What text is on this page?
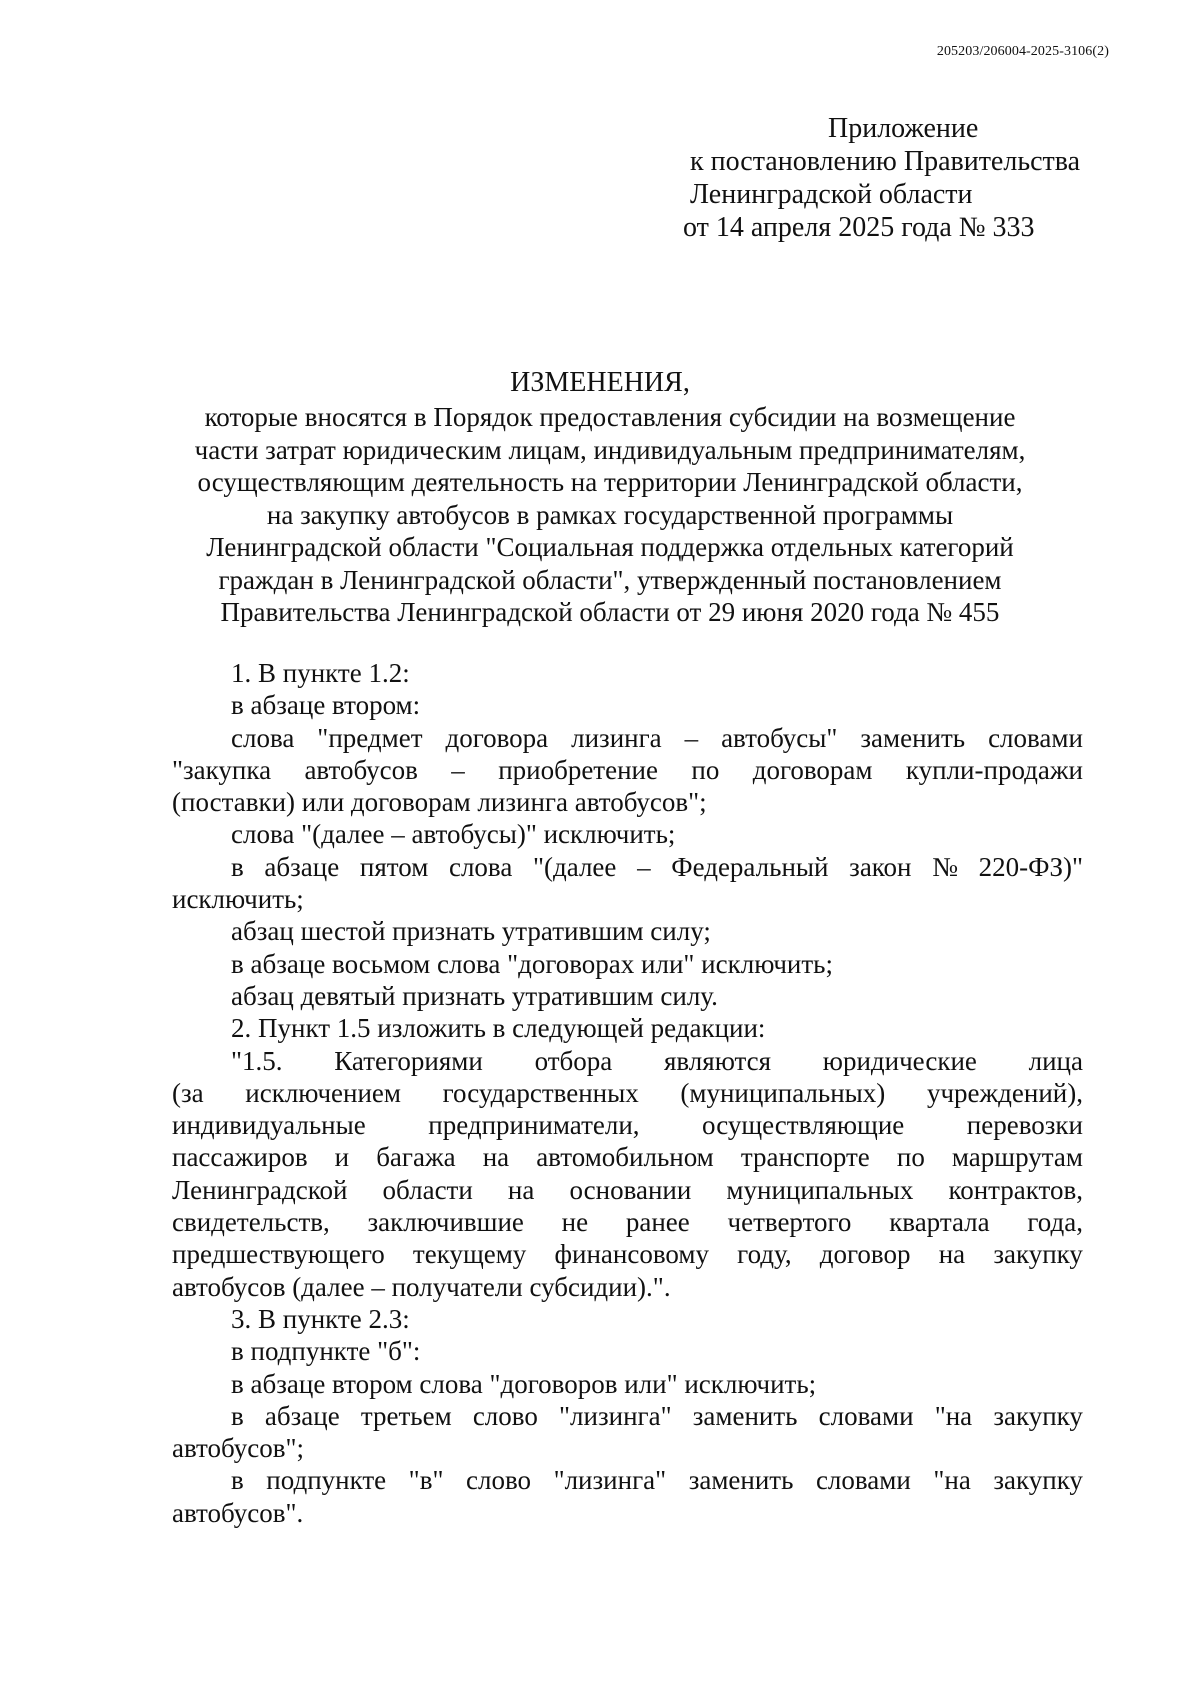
205203/206004-2025-3106(2)
Приложение
к постановлению Правительства
Ленинградской области
от 14 апреля 2025 года № 333
ИЗМЕНЕНИЯ,
которые вносятся в Порядок предоставления субсидии на возмещение
части затрат юридическим лицам, индивидуальным предпринимателям,
осуществляющим деятельность на территории Ленинградской области,
на закупку автобусов в рамках государственной программы
Ленинградской области "Социальная поддержка отдельных категорий
граждан в Ленинградской области", утвержденный постановлением
Правительства Ленинградской области от 29 июня 2020 года № 455
1. В пункте 1.2:
в абзаце втором:
слова "предмет договора лизинга – автобусы" заменить словами
"закупка автобусов – приобретение по договорам купли-продажи
(поставки) или договорам лизинга автобусов";
слова "(далее – автобусы)" исключить;
в абзаце пятом слова "(далее – Федеральный закон № 220-ФЗ)"
исключить;
абзац шестой признать утратившим силу;
в абзаце восьмом слова "договорах или" исключить;
абзац девятый признать утратившим силу.
2. Пункт 1.5 изложить в следующей редакции:
"1.5. Категориями отбора являются юридические лица
(за исключением государственных (муниципальных) учреждений),
индивидуальные предприниматели, осуществляющие перевозки
пассажиров и багажа на автомобильном транспорте по маршрутам
Ленинградской области на основании муниципальных контрактов,
свидетельств, заключившие не ранее четвертого квартала года,
предшествующего текущему финансовому году, договор на закупку
автобусов (далее – получатели субсидии).".
3. В пункте 2.3:
в подпункте "б":
в абзаце втором слова "договоров или" исключить;
в абзаце третьем слово "лизинга" заменить словами "на закупку
автобусов";
в подпункте "в" слово "лизинга" заменить словами "на закупку
автобусов".
